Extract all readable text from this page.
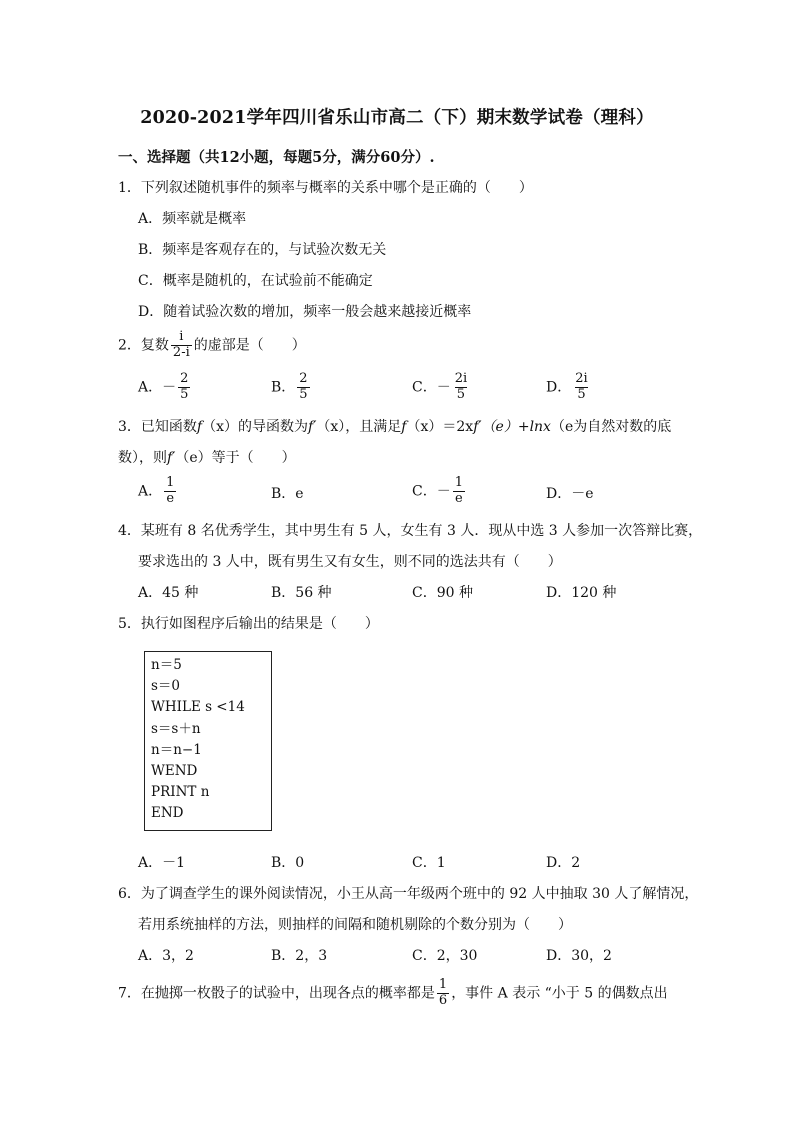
2020-2021学年四川省乐山市高二（下）期末数学试卷（理科）
一、选择题（共12小题，每题5分，满分60分）.
1．下列叙述随机事件的频率与概率的关系中哪个是正确的（　　）
A．频率就是概率
B．频率是客观存在的，与试验次数无关
C．概率是随机的，在试验前不能确定
D．随着试验次数的增加，频率一般会越来越接近概率
2．复数 $\frac{i}{2-i}$ 的虚部是（　　）
A．－ $\frac{2}{5}$	B． $\frac{2}{5}$	C．－ $\frac{2i}{5}$	D． $\frac{2i}{5}$
3．已知函数f（x）的导函数为f′（x），且满足f（x）＝2xf′（e）+lnx（e为自然对数的底
数），则f′（e）等于（　　）
A． $\frac{1}{e}$	B．e	C．－ $\frac{1}{e}$	D．－e
4．某班有 8 名优秀学生，其中男生有 5 人，女生有 3 人．现从中选 3 人参加一次答辩比赛，
要求选出的 3 人中，既有男生又有女生，则不同的选法共有（　　）
A．45 种	B．56 种	C．90 种	D．120 种
5．执行如图程序后输出的结果是（　　）
n＝5
s＝0
WHILE s <14
s＝s＋n
n＝n−1
WEND
PRINT n
END
A．－1	B．0	C．1	D．2
6．为了调查学生的课外阅读情况，小王从高一年级两个班中的 92 人中抽取 30 人了解情况，
若用系统抽样的方法，则抽样的间隔和随机剔除的个数分别为（　　）
A．3，2	B．2，3	C．2，30	D．30，2
7．在抛掷一枚骰子的试验中，出现各点的概率都是 $\frac{1}{6}$ ，事件 A 表示 “小于 5 的偶数点出
